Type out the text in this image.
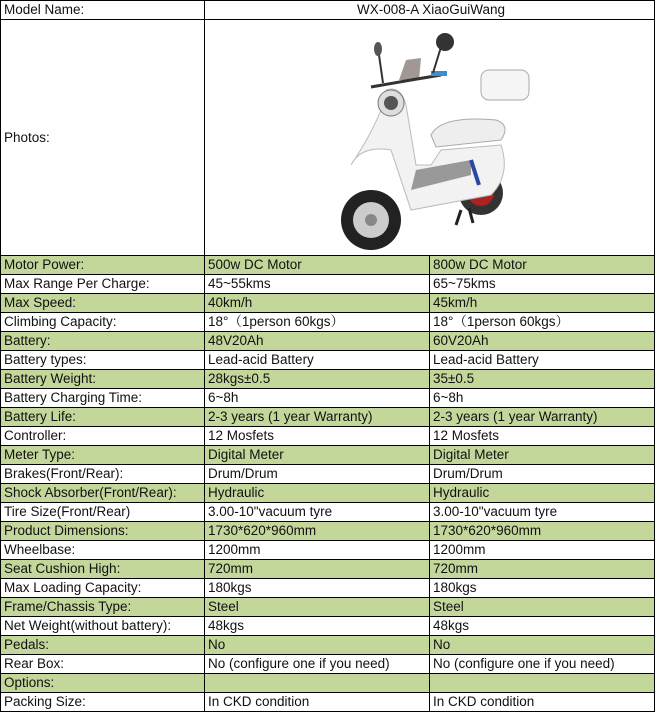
Model Name:	WX-008-A XiaoGuiWang	
Photos:	

Motor Power:	500w DC Motor	800w DC Motor
Max Range Per Charge:	45~55kms	65~75kms
Max Speed:	40km/h	45km/h
Climbing Capacity:	18°（1person 60kgs）	18°（1person 60kgs）
Battery:	48V20Ah	60V20Ah
Battery types:	Lead-acid Battery	Lead-acid Battery
Battery Weight:	28kgs±0.5	35±0.5
Battery Charging Time:	6~8h	6~8h
Battery Life:	2-3 years (1 year Warranty)	2-3 years (1 year Warranty)
Controller:	12 Mosfets	12 Mosfets
Meter Type:	Digital Meter	Digital Meter
Brakes(Front/Rear):	Drum/Drum	Drum/Drum
Shock Absorber(Front/Rear):	Hydraulic	Hydraulic
Tire Size(Front/Rear)	3.00-10"vacuum tyre	3.00-10"vacuum tyre
Product Dimensions:	1730*620*960mm	1730*620*960mm
Wheelbase:	1200mm	1200mm
Seat Cushion High:	720mm	720mm
Max Loading Capacity:	180kgs	180kgs
Frame/Chassis Type:	Steel	Steel
Net Weight(without battery):	48kgs	48kgs
Pedals:	No	No
Rear Box:	No (configure one if you need)	No (configure one if you need)
Options:		
Packing Size:	In CKD condition	In CKD condition
